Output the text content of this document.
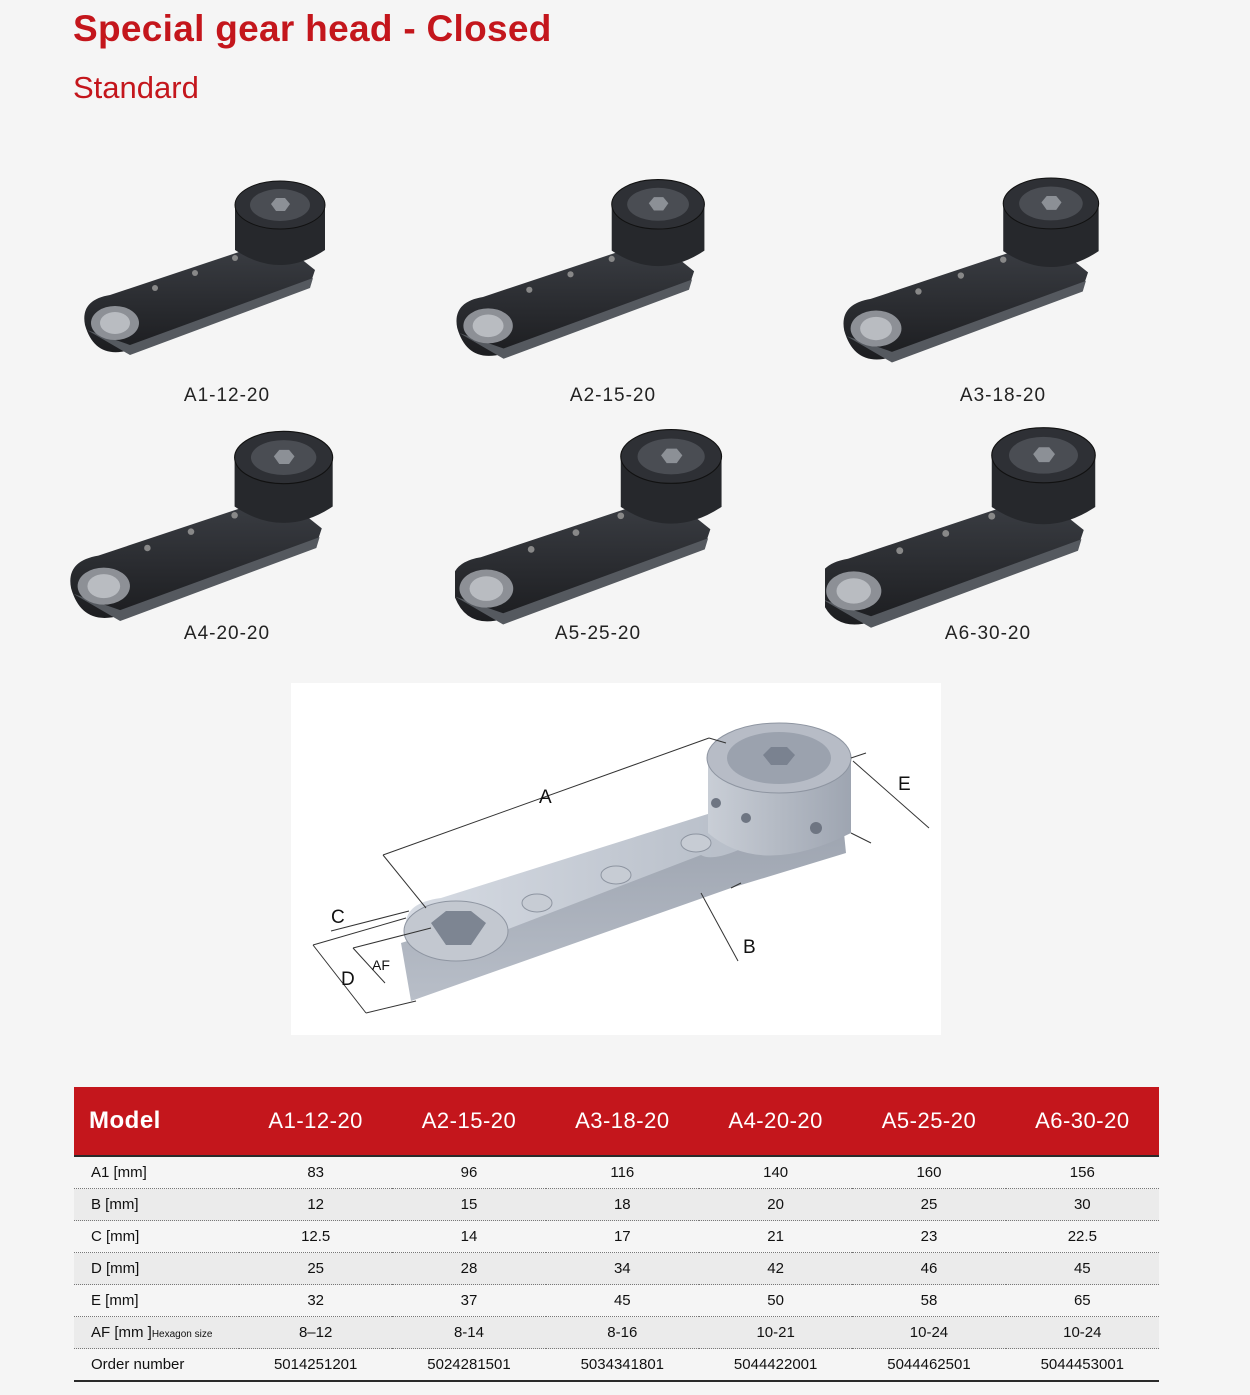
Special gear head - Closed
Standard
A1-12-20	A2-15-20	A3-18-20
A4-20-20	A5-25-20	A6-30-20
A
B
C
D
E
AF
Model	A1-12-20	A2-15-20	A3-18-20	A4-20-20	A5-25-20	A6-30-20
A1 [mm]	83	96	116	140	160	156
B [mm]	12	15	18	20	25	30
C [mm]	12.5	14	17	21	23	22.5
D [mm]	25	28	34	42	46	45
E [mm]	32	37	45	50	58	65
AF [mm ]Hexagon size	8–12	8-14	8-16	10-21	10-24	10-24
Order number	5014251201	5024281501	5034341801	5044422001	5044462501	5044453001
